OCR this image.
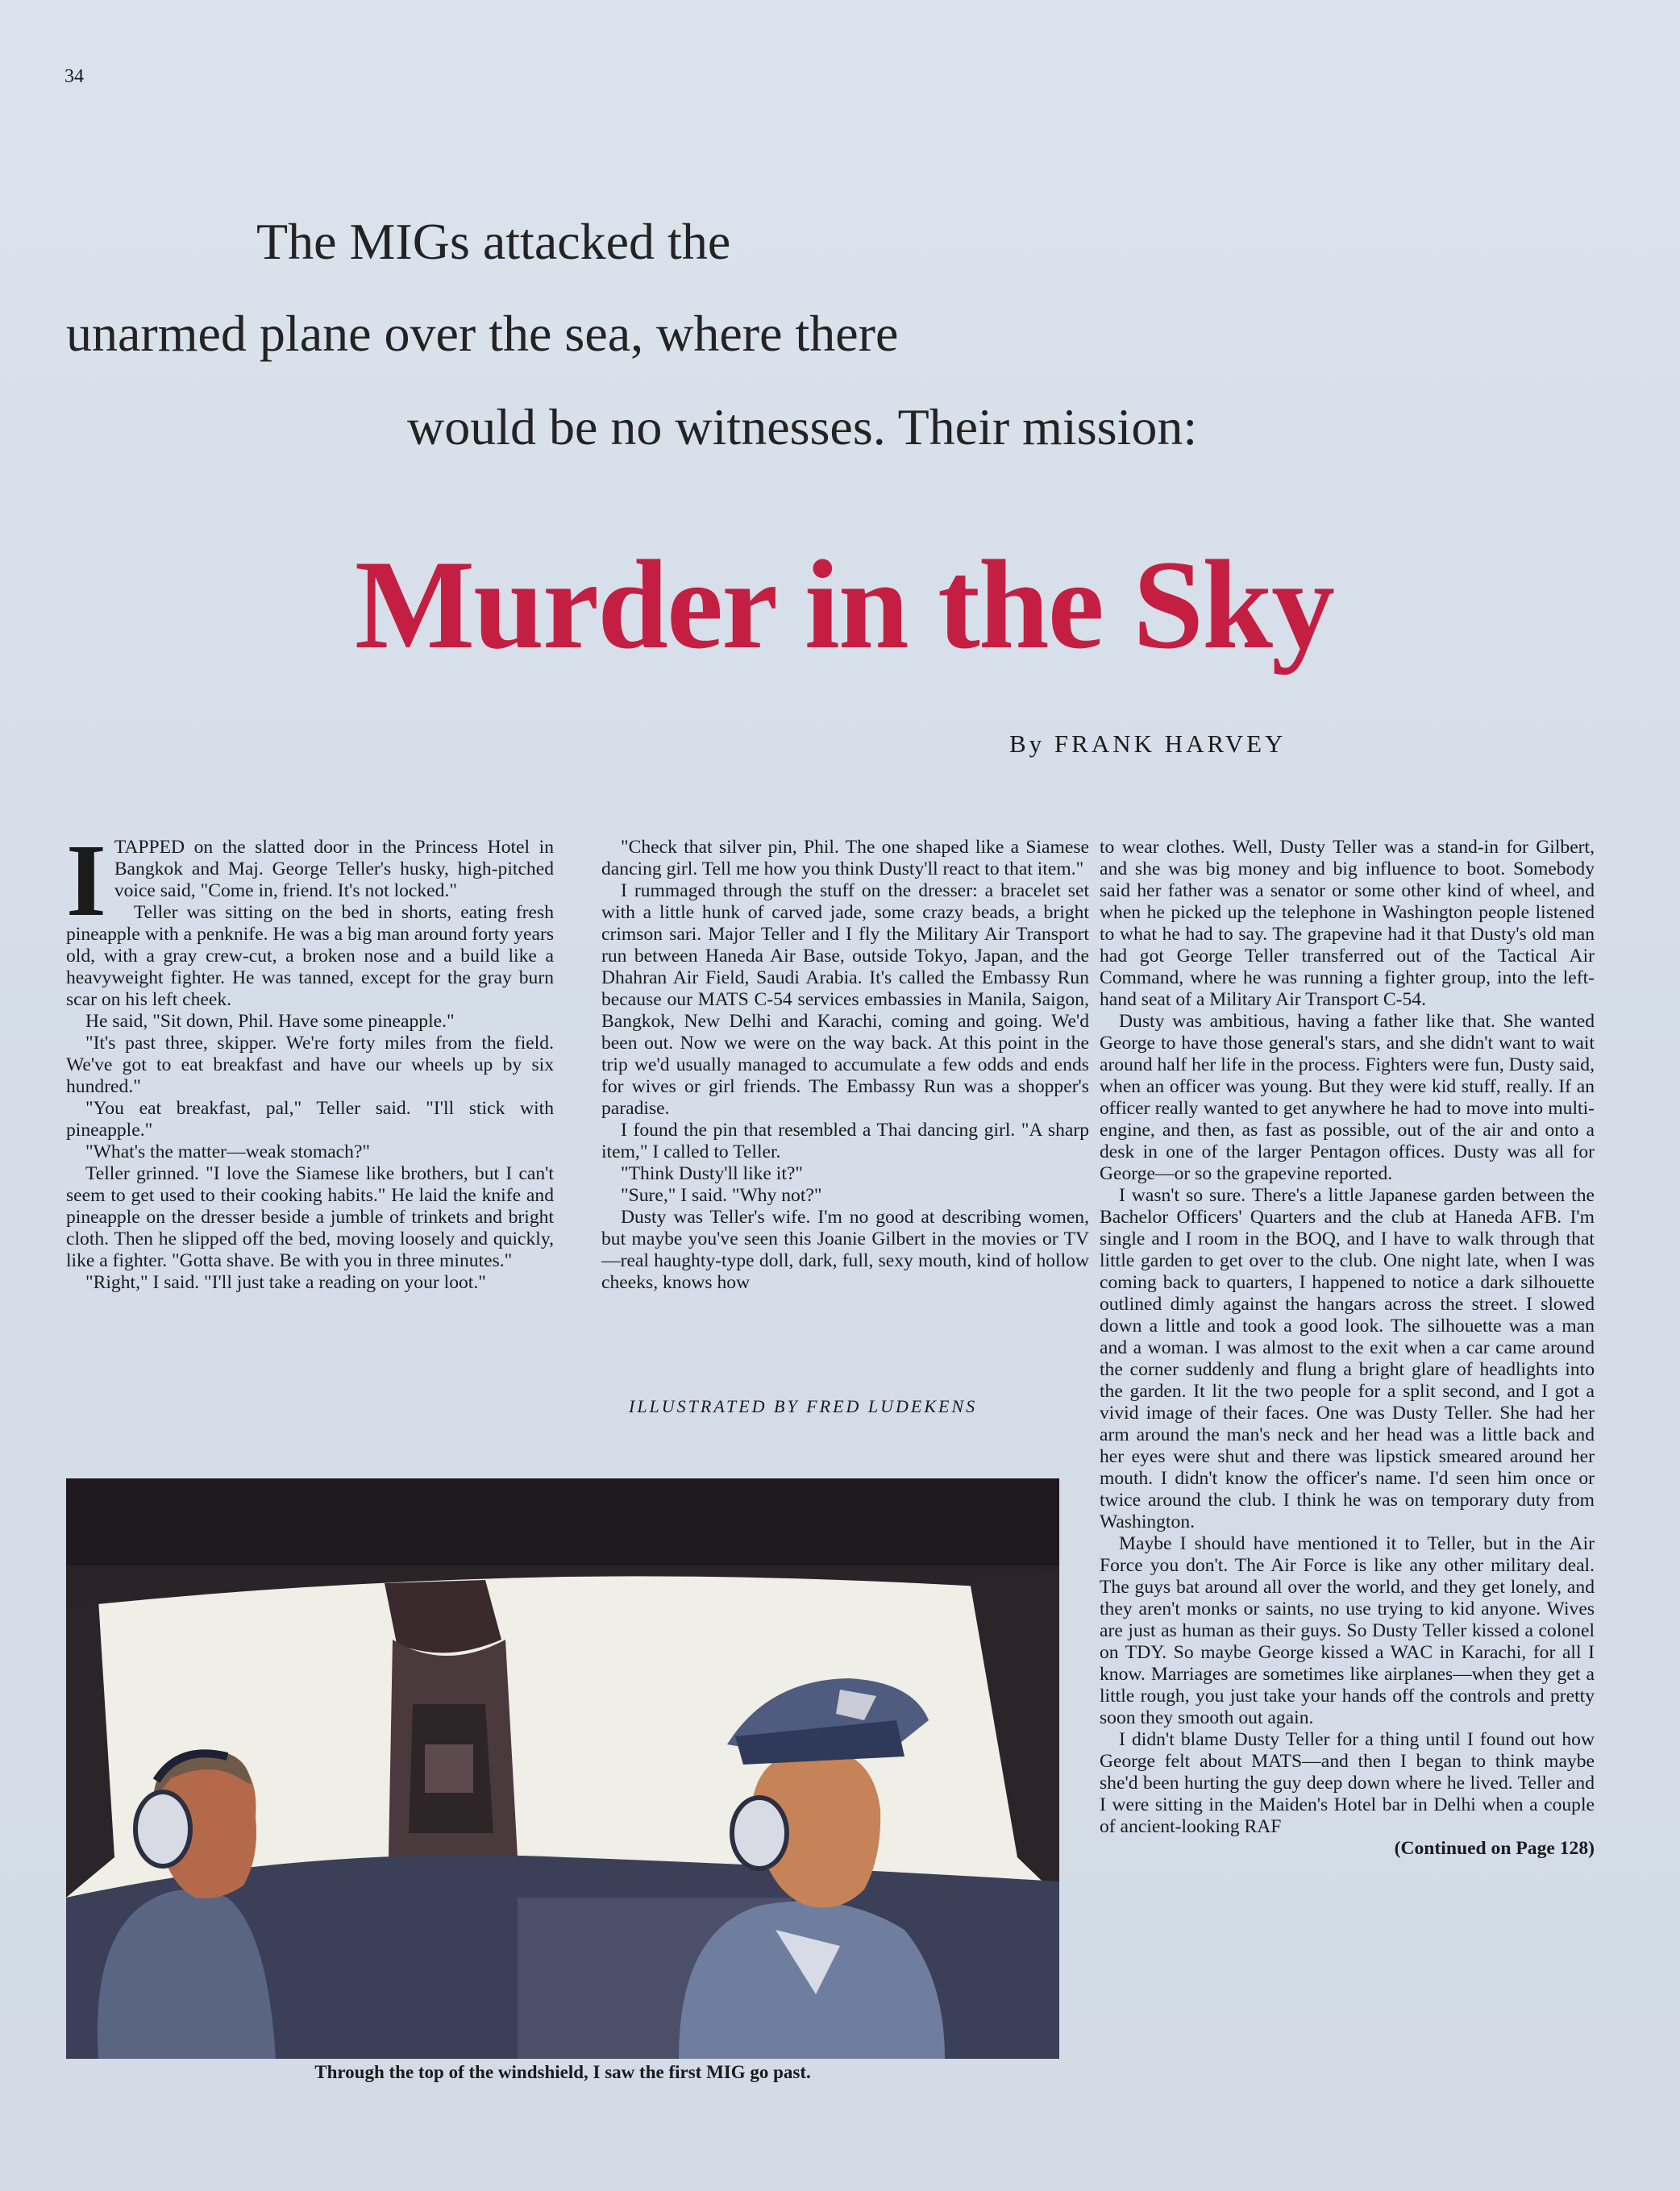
34
The MIGs attacked the
unarmed plane over the sea, where there
would be no witnesses. Their mission:
Murder in the Sky
By FRANK HARVEY

ITAPPED on the slatted door in the Princess Hotel in Bangkok and Maj. George Teller's husky, high-pitched voice said, "Come in, friend. It's not locked."

Teller was sitting on the bed in shorts, eating fresh pineapple with a penknife. He was a big man around forty years old, with a gray crew-cut, a broken nose and a build like a heavyweight fighter. He was tanned, except for the gray burn scar on his left cheek.

He said, "Sit down, Phil. Have some pineapple."

"It's past three, skipper. We're forty miles from the field. We've got to eat breakfast and have our wheels up by six hundred."

"You eat breakfast, pal," Teller said. "I'll stick with pineapple."

"What's the matter—weak stomach?"

Teller grinned. "I love the Siamese like brothers, but I can't seem to get used to their cooking habits." He laid the knife and pineapple on the dresser beside a jumble of trinkets and bright cloth. Then he slipped off the bed, moving loosely and quickly, like a fighter. "Gotta shave. Be with you in three minutes."

"Right," I said. "I'll just take a reading on your loot."

"Check that silver pin, Phil. The one shaped like a Siamese dancing girl. Tell me how you think Dusty'll react to that item."

I rummaged through the stuff on the dresser: a bracelet set with a little hunk of carved jade, some crazy beads, a bright crimson sari. Major Teller and I fly the Military Air Transport run between Haneda Air Base, outside Tokyo, Japan, and the Dhahran Air Field, Saudi Arabia. It's called the Embassy Run because our MATS C-54 services embassies in Manila, Saigon, Bangkok, New Delhi and Karachi, coming and going. We'd been out. Now we were on the way back. At this point in the trip we'd usually managed to accumulate a few odds and ends for wives or girl friends. The Embassy Run was a shopper's paradise.

I found the pin that resembled a Thai dancing girl. "A sharp item," I called to Teller.

"Think Dusty'll like it?"

"Sure," I said. "Why not?"

Dusty was Teller's wife. I'm no good at describing women, but maybe you've seen this Joanie Gilbert in the movies or TV—real haughty-type doll, dark, full, sexy mouth, kind of hollow cheeks, knows how

ILLUSTRATED BY FRED LUDEKENS

to wear clothes. Well, Dusty Teller was a stand-in for Gilbert, and she was big money and big influence to boot. Somebody said her father was a senator or some other kind of wheel, and when he picked up the telephone in Washington people listened to what he had to say. The grapevine had it that Dusty's old man had got George Teller transferred out of the Tactical Air Command, where he was running a fighter group, into the left-hand seat of a Military Air Transport C-54.

Dusty was ambitious, having a father like that. She wanted George to have those general's stars, and she didn't want to wait around half her life in the process. Fighters were fun, Dusty said, when an officer was young. But they were kid stuff, really. If an officer really wanted to get anywhere he had to move into multi-engine, and then, as fast as possible, out of the air and onto a desk in one of the larger Pentagon offices. Dusty was all for George—or so the grapevine reported.

I wasn't so sure. There's a little Japanese garden between the Bachelor Officers' Quarters and the club at Haneda AFB. I'm single and I room in the BOQ, and I have to walk through that little garden to get over to the club. One night late, when I was coming back to quarters, I happened to notice a dark silhouette outlined dimly against the hangars across the street. I slowed down a little and took a good look. The silhouette was a man and a woman. I was almost to the exit when a car came around the corner suddenly and flung a bright glare of headlights into the garden. It lit the two people for a split second, and I got a vivid image of their faces. One was Dusty Teller. She had her arm around the man's neck and her head was a little back and her eyes were shut and there was lipstick smeared around her mouth. I didn't know the officer's name. I'd seen him once or twice around the club. I think he was on temporary duty from Washington.

Maybe I should have mentioned it to Teller, but in the Air Force you don't. The Air Force is like any other military deal. The guys bat around all over the world, and they get lonely, and they aren't monks or saints, no use trying to kid anyone. Wives are just as human as their guys. So Dusty Teller kissed a colonel on TDY. So maybe George kissed a WAC in Karachi, for all I know. Marriages are sometimes like airplanes—when they get a little rough, you just take your hands off the controls and pretty soon they smooth out again.

I didn't blame Dusty Teller for a thing until I found out how George felt about MATS—and then I began to think maybe she'd been hurting the guy deep down where he lived. Teller and I were sitting in the Maiden's Hotel bar in Delhi when a couple of ancient-looking RAF

(Continued on Page 128)

Through the top of the windshield, I saw the first MIG go past.
